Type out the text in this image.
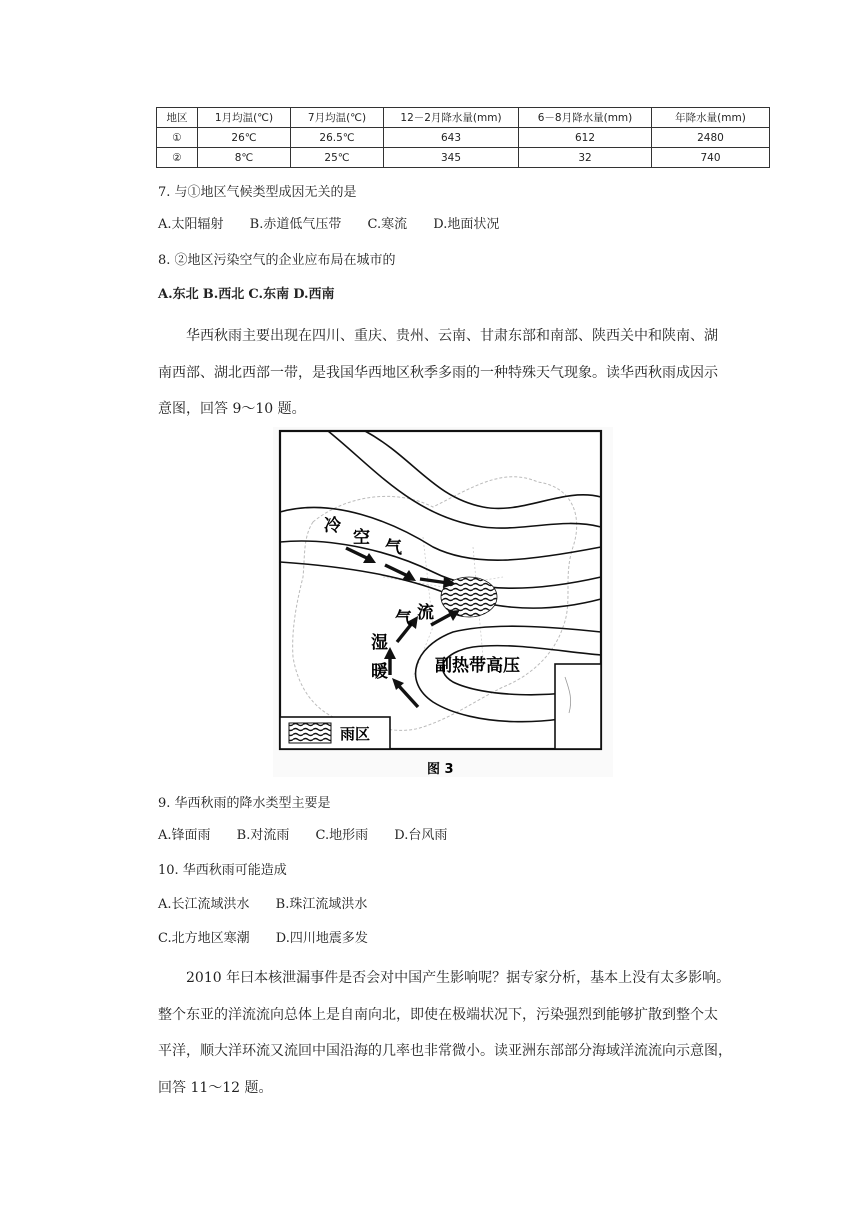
地区	1月均温(℃)	7月均温(℃)	12－2月降水量(mm)	6－8月降水量(mm)	年降水量(mm)
①	26℃	26.5℃	643	612	2480
②	8℃	25℃	345	32	740
7. 与①地区气候类型成因无关的是
A.太阳辐射 B.赤道低气压带 C.寒流 D.地面状况
8. ②地区污染空气的企业应布局在城市的
A.东北 B.西北 C.东南 D.西南
华西秋雨主要出现在四川、重庆、贵州、云南、甘肃东部和南部、陕西关中和陕南、湖
南西部、湖北西部一带，是我国华西地区秋季多雨的一种特殊天气现象。读华西秋雨成因示
意图，回答 9～10 题。
冷
空 气
湿
暖
气 流
副热带高压
雨区
图 3
9. 华西秋雨的降水类型主要是
A.锋面雨 B.对流雨 C.地形雨 D.台风雨
10. 华西秋雨可能造成
A.长江流域洪水 B.珠江流域洪水
C.北方地区寒潮 D.四川地震多发
2010 年曰本核泄漏事件是否会对中国产生影响呢？据专家分析，基本上没有太多影响。
整个东亚的洋流流向总体上是自南向北，即使在极端状况下，污染强烈到能够扩散到整个太
平洋，顺大洋环流又流回中国沿海的几率也非常微小。读亚洲东部部分海域洋流流向示意图，
回答 11～12 题。
